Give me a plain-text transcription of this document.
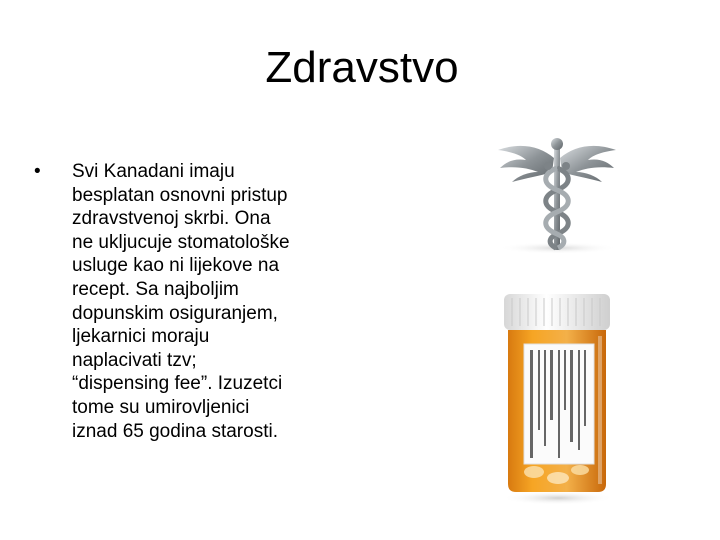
Zdravstvo
• Svi Kanadani imaju
besplatan osnovni pristup
zdravstvenoj skrbi. Ona
ne ukljucuje stomatološke
usluge kao ni lijekove na
recept. Sa najboljim
dopunskim osiguranjem,
ljekarnici moraju
naplacivati tzv;
“dispensing fee”. Izuzetci
tome su umirovljenici
iznad 65 godina starosti.
